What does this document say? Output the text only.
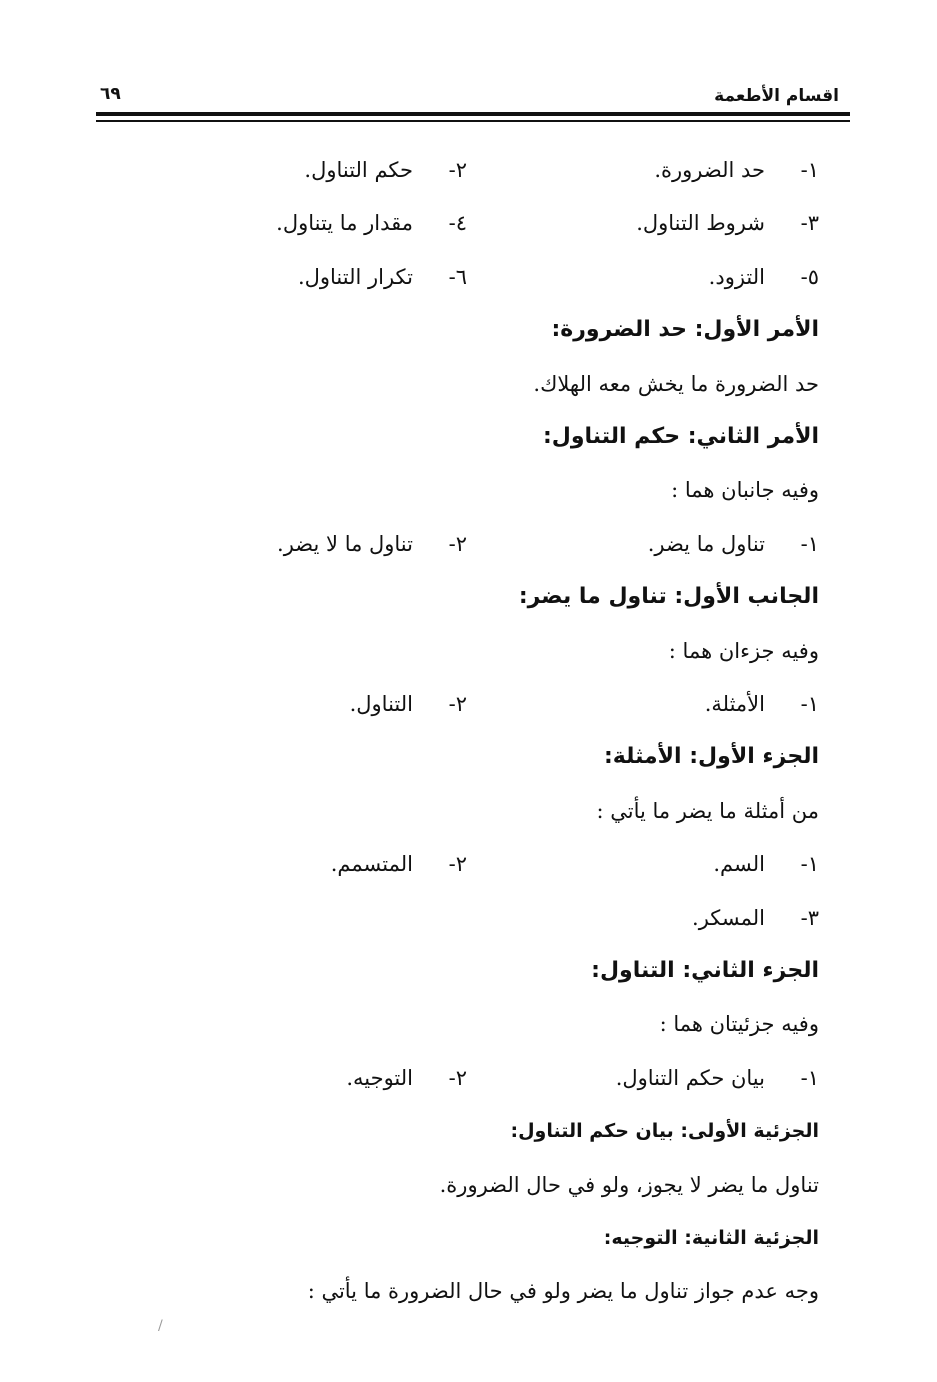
اقسام الأطعمة
٦٩
١-
حد الضرورة.
٢-
حكم التناول.
٣-
شروط التناول.
٤-
مقدار ما يتناول.
٥-
التزود.
٦-
تكرار التناول.
الأمر الأول: حد الضرورة:
حد الضرورة ما يخش معه الهلاك.
الأمر الثاني: حكم التناول:
وفيه جانبان هما :
١-
تناول ما يضر.
٢-
تناول ما لا يضر.
الجانب الأول: تناول ما يضر:
وفيه جزءان هما :
١-
الأمثلة.
٢-
التناول.
الجزء الأول: الأمثلة:
من أمثلة ما يضر ما يأتي :
١-
السم.
٢-
المتسمم.
٣-
المسكر.
الجزء الثاني: التناول:
وفيه جزئيتان هما :
١-
بيان حكم التناول.
٢-
التوجيه.
الجزئية الأولى: بيان حكم التناول:
تناول ما يضر لا يجوز، ولو في حال الضرورة.
الجزئية الثانية: التوجيه:
وجه عدم جواز تناول ما يضر ولو في حال الضرورة ما يأتي :
/
